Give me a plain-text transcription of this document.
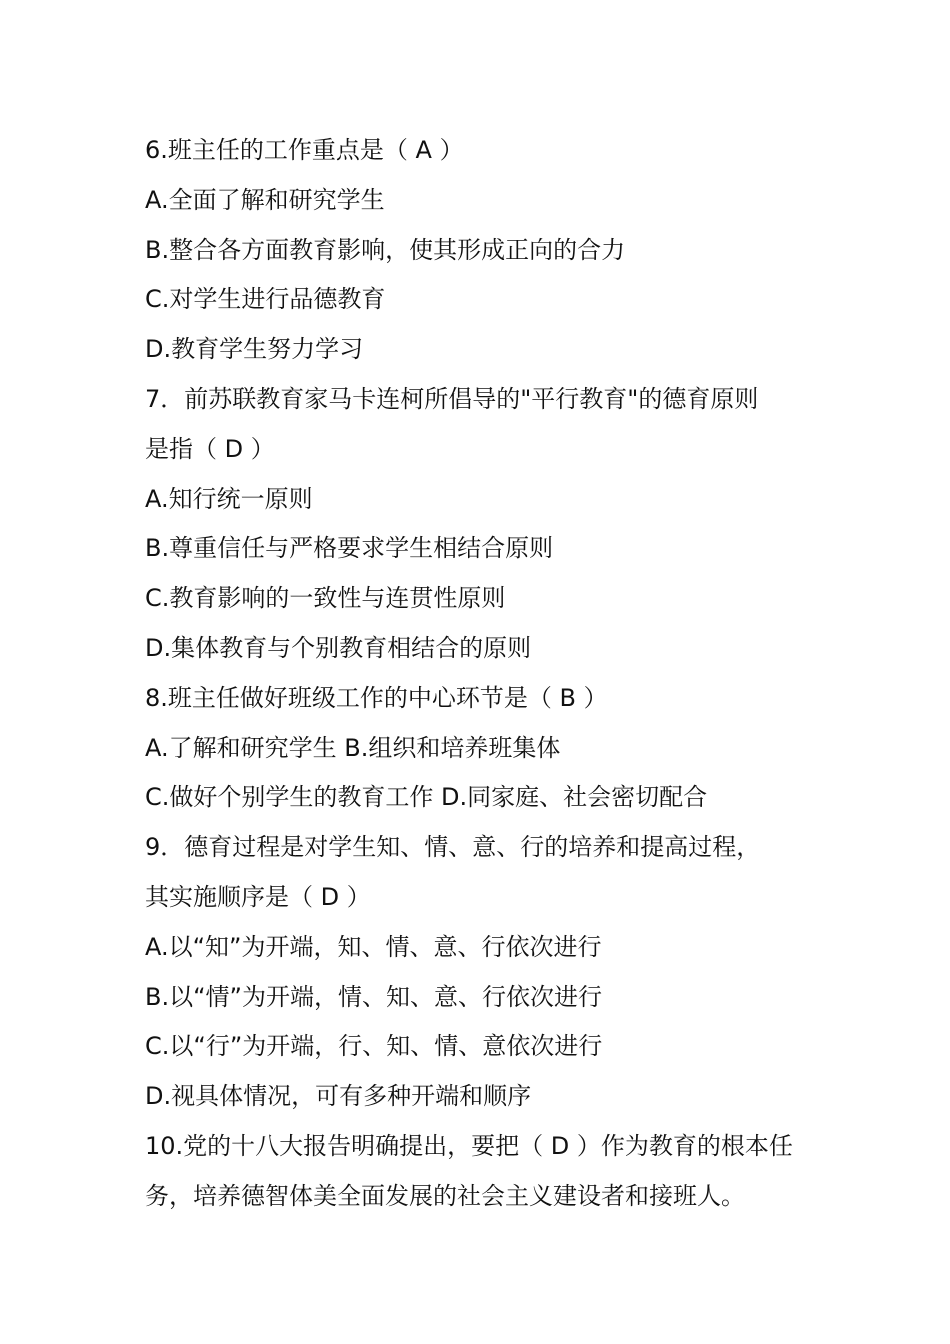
6.班主任的工作重点是（ A ）
A.全面了解和研究学生
B.整合各方面教育影响，使其形成正向的合力
C.对学生进行品德教育
D.教育学生努力学习
7．前苏联教育家马卡连柯所倡导的"平行教育"的德育原则
是指（ D ）
A.知行统一原则
B.尊重信任与严格要求学生相结合原则
C.教育影响的一致性与连贯性原则
D.集体教育与个别教育相结合的原则
8.班主任做好班级工作的中心环节是（ B ）
A.了解和研究学生 B.组织和培养班集体
C.做好个别学生的教育工作 D.同家庭、社会密切配合
9．德育过程是对学生知、情、意、行的培养和提高过程，
其实施顺序是（ D ）
A.以“知”为开端，知、情、意、行依次进行
B.以“情”为开端，情、知、意、行依次进行
C.以“行”为开端，行、知、情、意依次进行
D.视具体情况，可有多种开端和顺序
10.党的十八大报告明确提出，要把（ D ）作为教育的根本任
务，培养德智体美全面发展的社会主义建设者和接班人。
